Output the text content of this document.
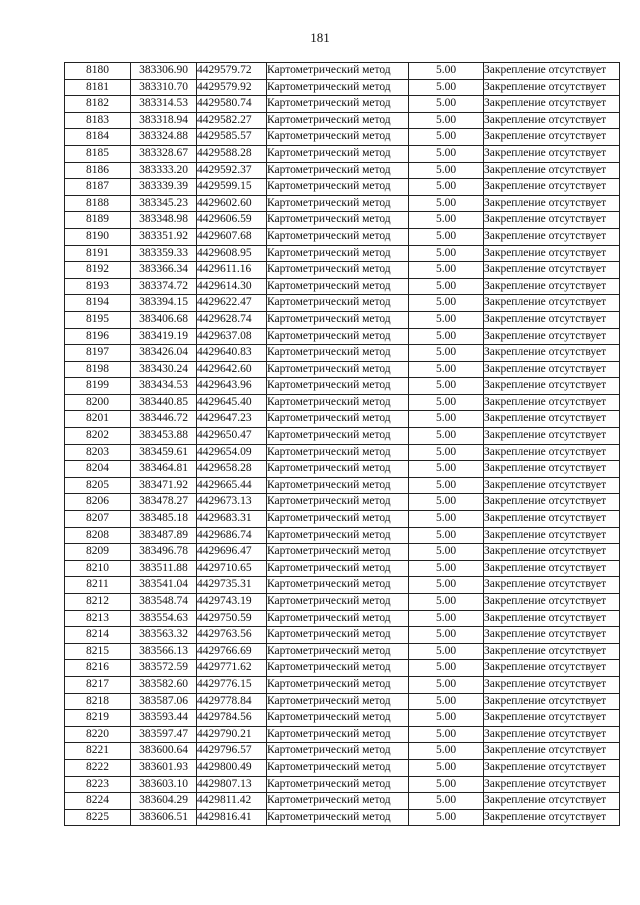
181
8180	383306.90	4429579.72	Картометрический метод	5.00	Закрепление отсутствует
8181	383310.70	4429579.92	Картометрический метод	5.00	Закрепление отсутствует
8182	383314.53	4429580.74	Картометрический метод	5.00	Закрепление отсутствует
8183	383318.94	4429582.27	Картометрический метод	5.00	Закрепление отсутствует
8184	383324.88	4429585.57	Картометрический метод	5.00	Закрепление отсутствует
8185	383328.67	4429588.28	Картометрический метод	5.00	Закрепление отсутствует
8186	383333.20	4429592.37	Картометрический метод	5.00	Закрепление отсутствует
8187	383339.39	4429599.15	Картометрический метод	5.00	Закрепление отсутствует
8188	383345.23	4429602.60	Картометрический метод	5.00	Закрепление отсутствует
8189	383348.98	4429606.59	Картометрический метод	5.00	Закрепление отсутствует
8190	383351.92	4429607.68	Картометрический метод	5.00	Закрепление отсутствует
8191	383359.33	4429608.95	Картометрический метод	5.00	Закрепление отсутствует
8192	383366.34	4429611.16	Картометрический метод	5.00	Закрепление отсутствует
8193	383374.72	4429614.30	Картометрический метод	5.00	Закрепление отсутствует
8194	383394.15	4429622.47	Картометрический метод	5.00	Закрепление отсутствует
8195	383406.68	4429628.74	Картометрический метод	5.00	Закрепление отсутствует
8196	383419.19	4429637.08	Картометрический метод	5.00	Закрепление отсутствует
8197	383426.04	4429640.83	Картометрический метод	5.00	Закрепление отсутствует
8198	383430.24	4429642.60	Картометрический метод	5.00	Закрепление отсутствует
8199	383434.53	4429643.96	Картометрический метод	5.00	Закрепление отсутствует
8200	383440.85	4429645.40	Картометрический метод	5.00	Закрепление отсутствует
8201	383446.72	4429647.23	Картометрический метод	5.00	Закрепление отсутствует
8202	383453.88	4429650.47	Картометрический метод	5.00	Закрепление отсутствует
8203	383459.61	4429654.09	Картометрический метод	5.00	Закрепление отсутствует
8204	383464.81	4429658.28	Картометрический метод	5.00	Закрепление отсутствует
8205	383471.92	4429665.44	Картометрический метод	5.00	Закрепление отсутствует
8206	383478.27	4429673.13	Картометрический метод	5.00	Закрепление отсутствует
8207	383485.18	4429683.31	Картометрический метод	5.00	Закрепление отсутствует
8208	383487.89	4429686.74	Картометрический метод	5.00	Закрепление отсутствует
8209	383496.78	4429696.47	Картометрический метод	5.00	Закрепление отсутствует
8210	383511.88	4429710.65	Картометрический метод	5.00	Закрепление отсутствует
8211	383541.04	4429735.31	Картометрический метод	5.00	Закрепление отсутствует
8212	383548.74	4429743.19	Картометрический метод	5.00	Закрепление отсутствует
8213	383554.63	4429750.59	Картометрический метод	5.00	Закрепление отсутствует
8214	383563.32	4429763.56	Картометрический метод	5.00	Закрепление отсутствует
8215	383566.13	4429766.69	Картометрический метод	5.00	Закрепление отсутствует
8216	383572.59	4429771.62	Картометрический метод	5.00	Закрепление отсутствует
8217	383582.60	4429776.15	Картометрический метод	5.00	Закрепление отсутствует
8218	383587.06	4429778.84	Картометрический метод	5.00	Закрепление отсутствует
8219	383593.44	4429784.56	Картометрический метод	5.00	Закрепление отсутствует
8220	383597.47	4429790.21	Картометрический метод	5.00	Закрепление отсутствует
8221	383600.64	4429796.57	Картометрический метод	5.00	Закрепление отсутствует
8222	383601.93	4429800.49	Картометрический метод	5.00	Закрепление отсутствует
8223	383603.10	4429807.13	Картометрический метод	5.00	Закрепление отсутствует
8224	383604.29	4429811.42	Картометрический метод	5.00	Закрепление отсутствует
8225	383606.51	4429816.41	Картометрический метод	5.00	Закрепление отсутствует
